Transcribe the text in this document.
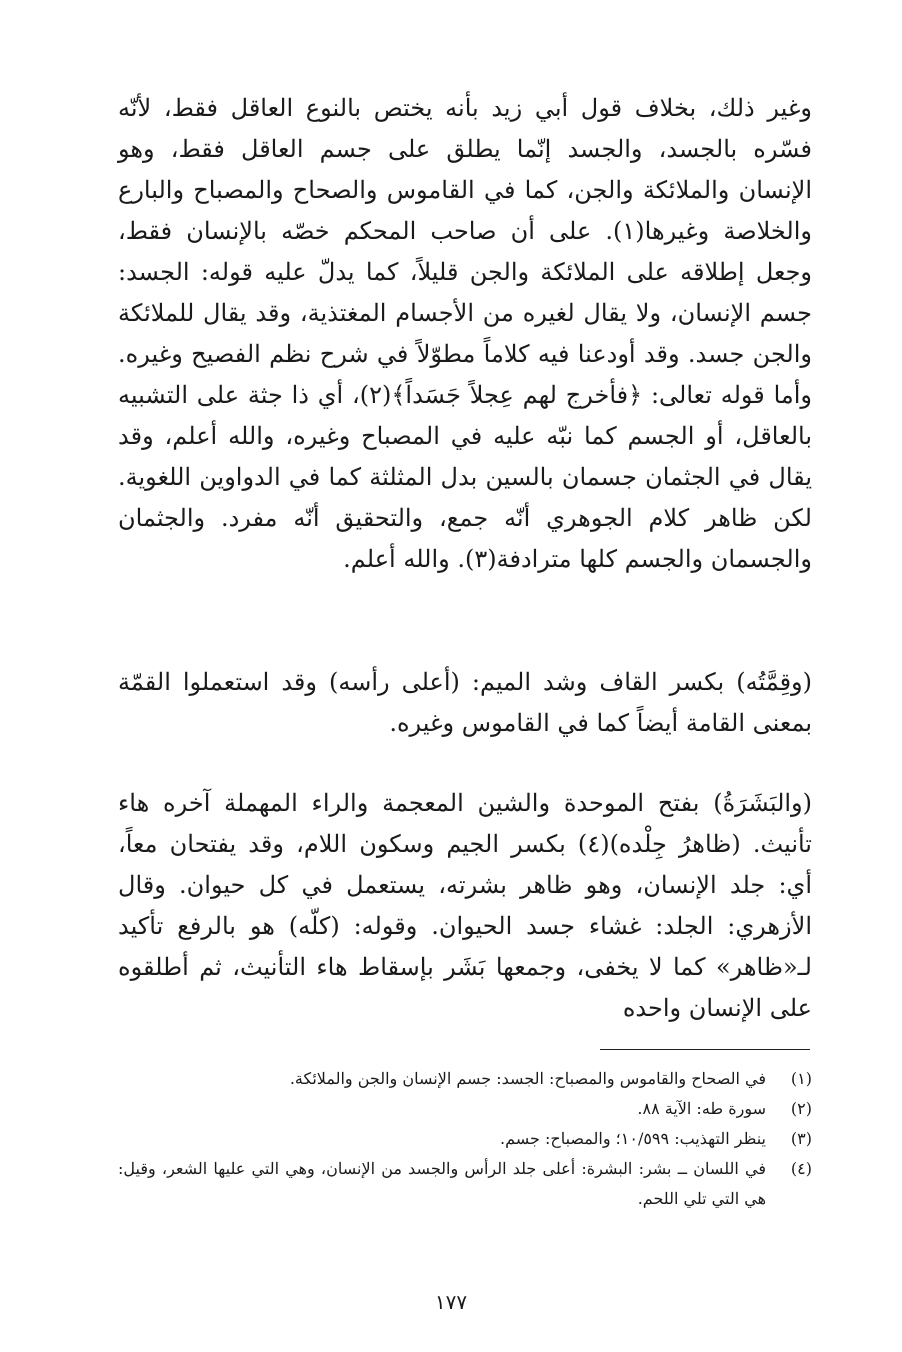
وغير ذلك، بخلاف قول أبي زيد بأنه يختص بالنوع العاقل فقط، لأنّه فسّره بالجسد، والجسد إنّما يطلق على جسم العاقل فقط، وهو الإنسان والملائكة والجن، كما في القاموس والصحاح والمصباح والبارع والخلاصة وغيرها(١). على أن صاحب المحكم خصّه بالإنسان فقط، وجعل إطلاقه على الملائكة والجن قليلاً، كما يدلّ عليه قوله: الجسد: جسم الإنسان، ولا يقال لغيره من الأجسام المغتذية، وقد يقال للملائكة والجن جسد. وقد أودعنا فيه كلاماً مطوّلاً في شرح نظم الفصيح وغيره. وأما قوله تعالى: ﴿فأخرج لهم عِجلاً جَسَداً﴾(٢)، أي ذا جثة على التشبيه بالعاقل، أو الجسم كما نبّه عليه في المصباح وغيره، والله أعلم، وقد يقال في الجثمان جسمان بالسين بدل المثلثة كما في الدواوين اللغوية. لكن ظاهر كلام الجوهري أنّه جمع، والتحقيق أنّه مفرد. والجثمان والجسمان والجسم كلها مترادفة(٣). والله أعلم.

(وقِمَّتُه) بكسر القاف وشد الميم: (أعلى رأسه) وقد استعملوا القمّة بمعنى القامة أيضاً كما في القاموس وغيره.

(والبَشَرَةُ) بفتح الموحدة والشين المعجمة والراء المهملة آخره هاء تأنيث. (ظاهرُ جِلْده)(٤) بكسر الجيم وسكون اللام، وقد يفتحان معاً، أي: جلد الإنسان، وهو ظاهر بشرته، يستعمل في كل حيوان. وقال الأزهري: الجلد: غشاء جسد الحيوان. وقوله: (كلّه) هو بالرفع تأكيد لـ«ظاهر» كما لا يخفى، وجمعها بَشَر بإسقاط هاء التأنيث، ثم أطلقوه على الإنسان واحده

(١)
في الصحاح والقاموس والمصباح: الجسد: جسم الإنسان والجن والملائكة.
(٢)
سورة طه: الآية ٨٨.
(٣)
ينظر التهذيب: ١٠/٥٩٩؛ والمصباح: جسم.
(٤)
في اللسان ــ بشر: البشرة: أعلى جلد الرأس والجسد من الإنسان، وهي التي عليها الشعر، وقيل: هي التي تلي اللحم.
١٧٧
